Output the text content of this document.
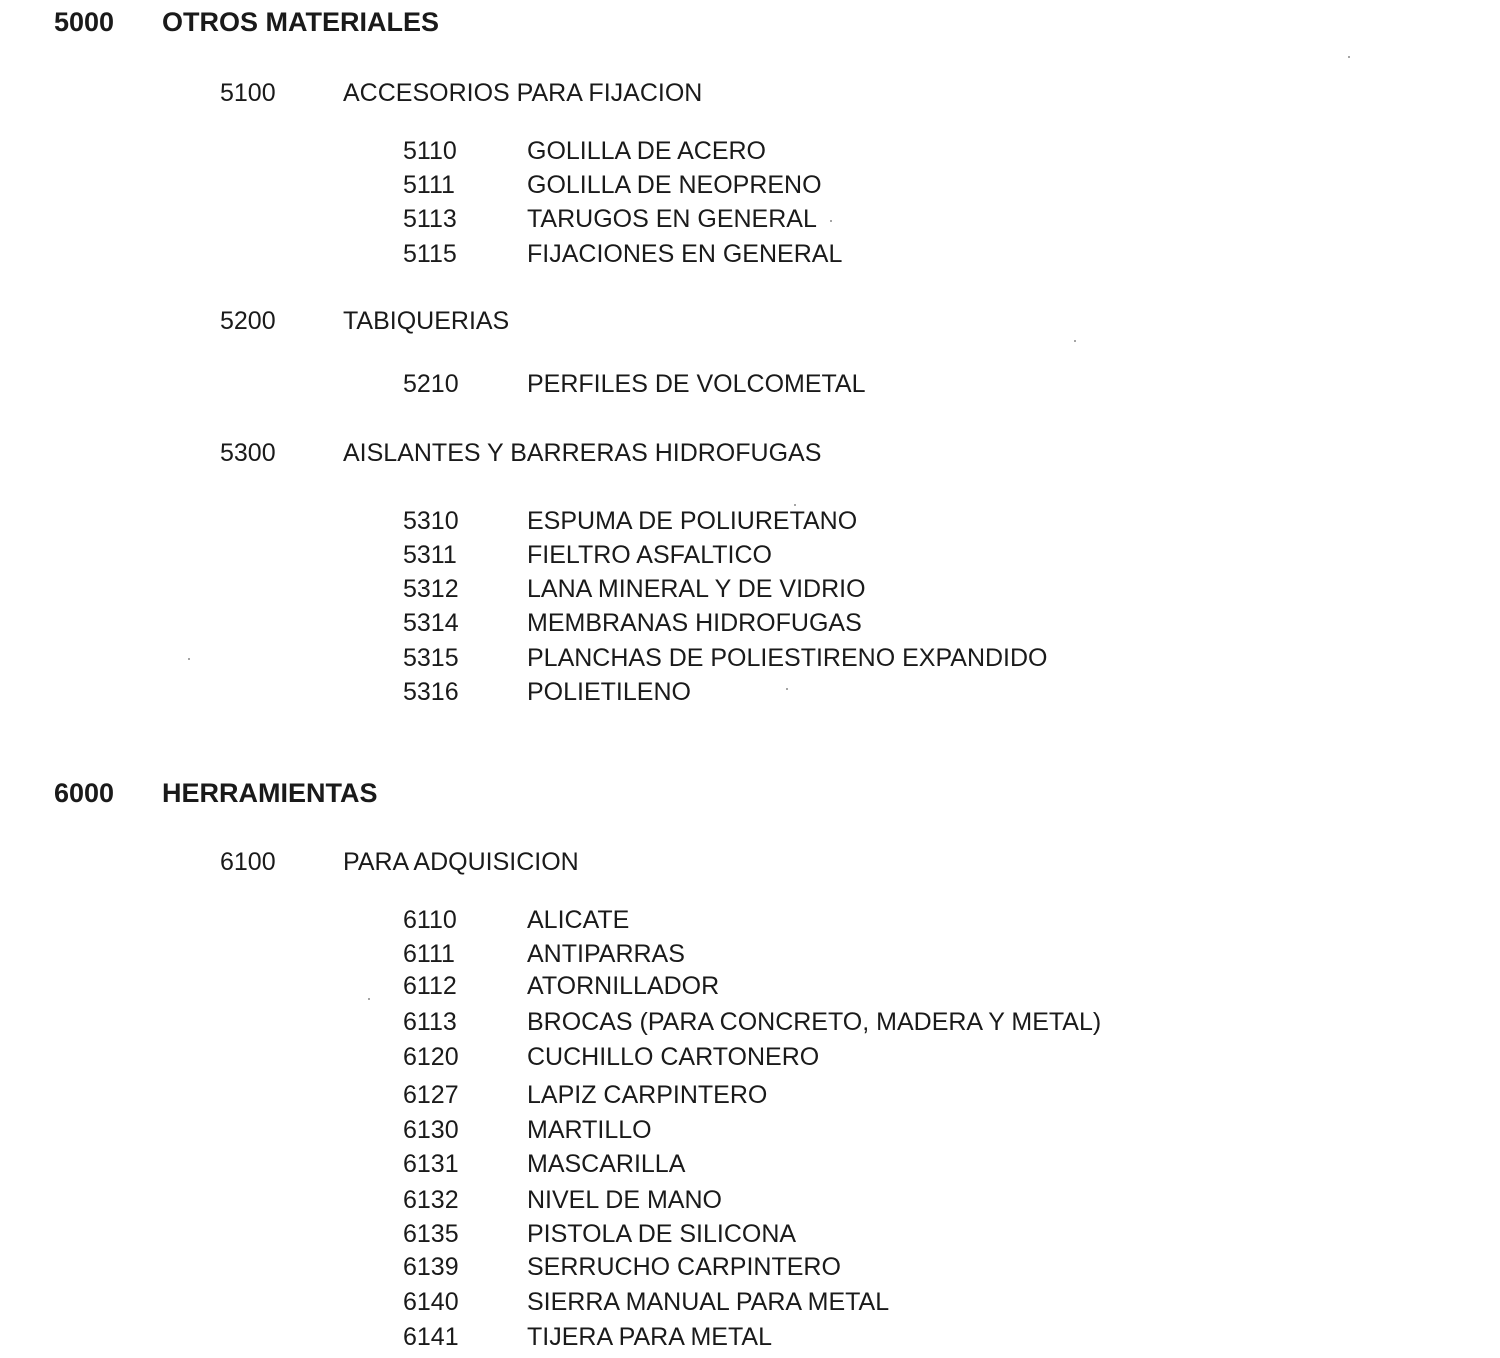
5000 OTROS MATERIALES
5100	ACCESORIOS PARA FIJACION
5110	GOLILLA DE ACERO
5111	GOLILLA DE NEOPRENO
5113	TARUGOS EN GENERAL
5115	FIJACIONES EN GENERAL
5200	TABIQUERIAS
5210	PERFILES DE VOLCOMETAL
5300	AISLANTES Y BARRERAS HIDROFUGAS
5310	ESPUMA DE POLIURETANO
5311	FIELTRO ASFALTICO
5312	LANA MINERAL Y DE VIDRIO
5314	MEMBRANAS HIDROFUGAS
5315	PLANCHAS DE POLIESTIRENO EXPANDIDO
5316	POLIETILENO
6000 HERRAMIENTAS
6100	PARA ADQUISICION
6110	ALICATE
6111	ANTIPARRAS
6112	ATORNILLADOR
6113	BROCAS (PARA CONCRETO, MADERA Y METAL)
6120	CUCHILLO CARTONERO
6127	LAPIZ CARPINTERO
6130	MARTILLO
6131	MASCARILLA
6132	NIVEL DE MANO
6135	PISTOLA DE SILICONA
6139	SERRUCHO CARPINTERO
6140	SIERRA MANUAL PARA METAL
6141	TIJERA PARA METAL
